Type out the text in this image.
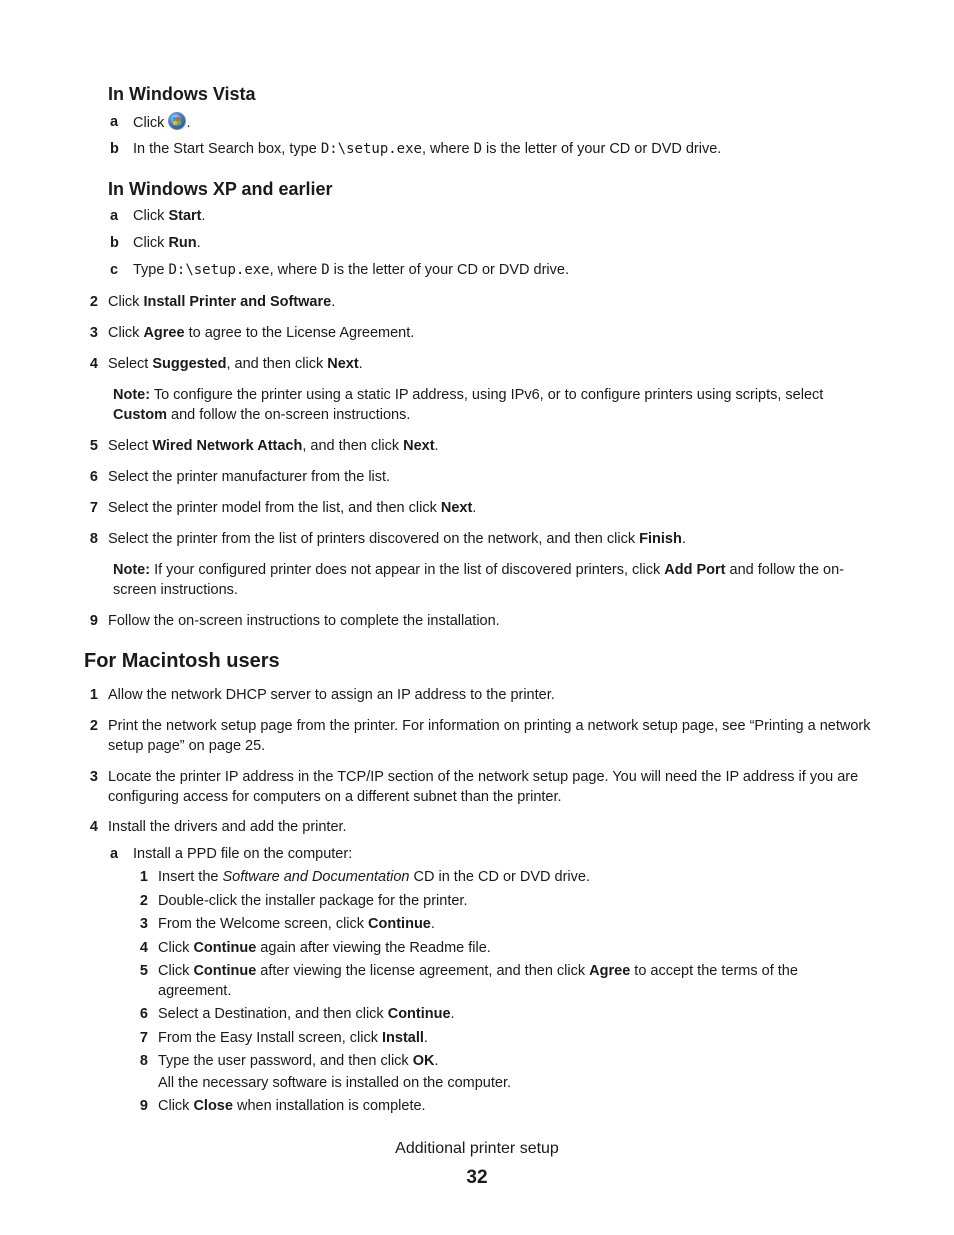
In Windows Vista
a	Click .
b In the Start Search box, type D:\setup.exe, where D is the letter of your CD or DVD drive.
In Windows XP and earlier
a	Click Start.
b Click Run.
c	Type D:\setup.exe, where D is the letter of your CD or DVD drive.
2 Click Install Printer and Software.
3 Click Agree to agree to the License Agreement.
4 Select Suggested, and then click Next.
Note: To configure the printer using a static IP address, using IPv6, or to configure printers using scripts, select Custom and follow the on-screen instructions.
5 Select Wired Network Attach, and then click Next.
6 Select the printer manufacturer from the list.
7 Select the printer model from the list, and then click Next.
8 Select the printer from the list of printers discovered on the network, and then click Finish.
Note: If your configured printer does not appear in the list of discovered printers, click Add Port and follow the on-screen instructions.
9 Follow the on-screen instructions to complete the installation.
For Macintosh users
1 Allow the network DHCP server to assign an IP address to the printer.
2 Print the network setup page from the printer. For information on printing a network setup page, see “Printing a network setup page” on page 25.
3 Locate the printer IP address in the TCP/IP section of the network setup page. You will need the IP address if you are configuring access for computers on a different subnet than the printer.
4 Install the drivers and add the printer.
a	Install a PPD file on the computer:
1 Insert the Software and Documentation CD in the CD or DVD drive.
2 Double-click the installer package for the printer.
3 From the Welcome screen, click Continue.
4 Click Continue again after viewing the Readme file.
5 Click Continue after viewing the license agreement, and then click Agree to accept the terms of the agreement.
6 Select a Destination, and then click Continue.
7 From the Easy Install screen, click Install.
8 Type the user password, and then click OK.
All the necessary software is installed on the computer.
9 Click Close when installation is complete.
Additional printer setup
32
